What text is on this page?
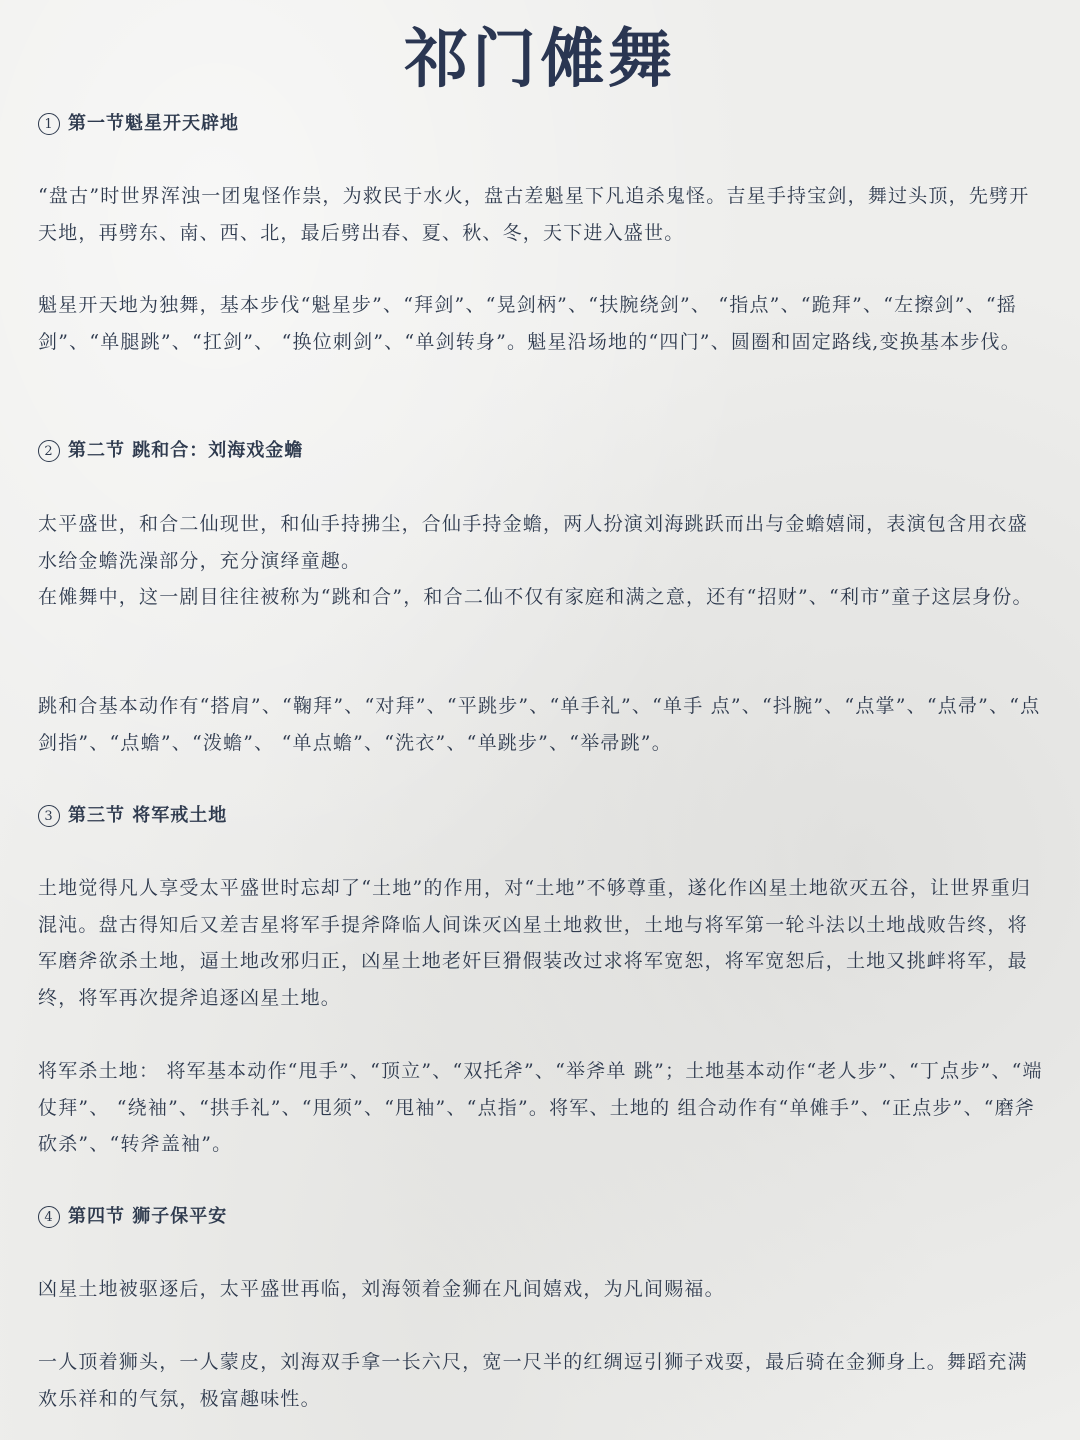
祁门傩舞
1 第一节魁星开天辟地

“盘古”时世界浑浊一团鬼怪作祟，为救民于水火，盘古差魁星下凡追杀鬼怪。吉星手持宝剑，舞过头顶，先劈开天地，再劈东、南、西、北，最后劈出春、夏、秋、冬，天下进入盛世。

魁星开天地为独舞，基本步伐“魁星步”、“拜剑”、“晃剑柄”、“扶腕绕剑”、 “指点”、“跪拜”、“左擦剑”、“摇剑”、“单腿跳”、“扛剑”、 “换位刺剑”、“单剑转身”。魁星沿场地的“四门”、圆圈和固定路线,变换基本步伐。

2 第二节 跳和合：刘海戏金蟾

太平盛世，和合二仙现世，和仙手持拂尘，合仙手持金蟾，两人扮演刘海跳跃而出与金蟾嬉闹，表演包含用衣盛水给金蟾洗澡部分，充分演绎童趣。

在傩舞中，这一剧目往往被称为“跳和合”，和合二仙不仅有家庭和满之意，还有“招财”、“利市”童子这层身份。

跳和合基本动作有“搭肩”、“鞠拜”、“对拜”、“平跳步”、“单手礼”、“单手 点”、“抖腕”、“点掌”、“点帚”、“点剑指”、“点蟾”、“泼蟾”、 “单点蟾”、“洗衣”、“单跳步”、“举帚跳”。

3 第三节 将军戒土地

土地觉得凡人享受太平盛世时忘却了“土地”的作用，对“土地”不够尊重，遂化作凶星土地欲灭五谷，让世界重归混沌。盘古得知后又差吉星将军手提斧降临人间诛灭凶星土地救世，土地与将军第一轮斗法以土地战败告终，将军磨斧欲杀土地，逼土地改邪归正，凶星土地老奸巨猾假装改过求将军宽恕，将军宽恕后，土地又挑衅将军，最终，将军再次提斧追逐凶星土地。

将军杀土地： 将军基本动作“甩手”、“顶立”、“双托斧”、“举斧单 跳”；土地基本动作“老人步”、“丁点步”、“端仗拜”、 “绕袖”、“拱手礼”、“甩须”、“甩袖”、“点指”。将军、土地的 组合动作有“单傩手”、“正点步”、“磨斧砍杀”、“转斧盖袖”。

4 第四节 狮子保平安

凶星土地被驱逐后，太平盛世再临，刘海领着金狮在凡间嬉戏，为凡间赐福。

一人顶着狮头，一人蒙皮，刘海双手拿一长六尺，宽一尺半的红绸逗引狮子戏耍，最后骑在金狮身上。舞蹈充满欢乐祥和的气氛，极富趣味性。
